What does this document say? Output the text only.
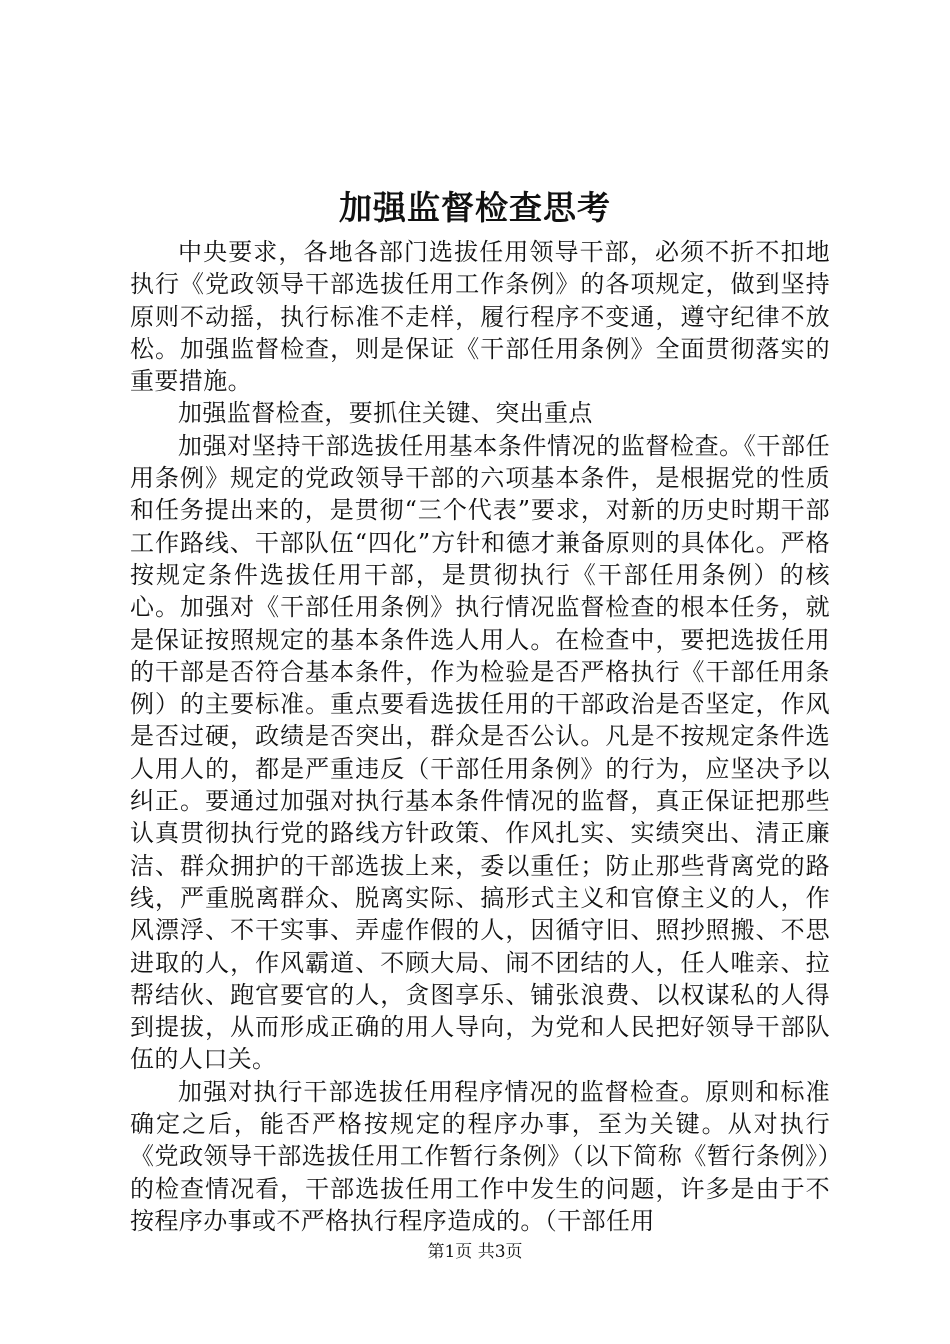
加强监督检查思考

中央要求，各地各部门选拔任用领导干部，必须不折不扣地执行《党政领导干部选拔任用工作条例》的各项规定，做到坚持原则不动摇，执行标准不走样，履行程序不变通，遵守纪律不放松。加强监督检查，则是保证《干部任用条例》全面贯彻落实的重要措施。

加强监督检查，要抓住关键、突出重点

加强对坚持干部选拔任用基本条件情况的监督检查。《干部任用条例》规定的党政领导干部的六项基本条件，是根据党的性质和任务提出来的，是贯彻“三个代表”要求，对新的历史时期干部工作路线、干部队伍“四化”方针和德才兼备原则的具体化。严格按规定条件选拔任用干部，是贯彻执行《干部任用条例）的核心。加强对《干部任用条例》执行情况监督检查的根本任务，就是保证按照规定的基本条件选人用人。在检查中，要把选拔任用的干部是否符合基本条件，作为检验是否严格执行《干部任用条例）的主要标准。重点要看选拔任用的干部政治是否坚定，作风是否过硬，政绩是否突出，群众是否公认。凡是不按规定条件选人用人的，都是严重违反（干部任用条例》的行为，应坚决予以纠正。要通过加强对执行基本条件情况的监督，真正保证把那些认真贯彻执行党的路线方针政策、作风扎实、实绩突出、清正廉洁、群众拥护的干部选拔上来，委以重任；防止那些背离党的路线，严重脱离群众、脱离实际、搞形式主义和官僚主义的人，作风漂浮、不干实事、弄虚作假的人，因循守旧、照抄照搬、不思进取的人，作风霸道、不顾大局、闹不团结的人，任人唯亲、拉帮结伙、跑官要官的人，贪图享乐、铺张浪费、以权谋私的人得到提拔，从而形成正确的用人导向，为党和人民把好领导干部队伍的人口关。

加强对执行干部选拔任用程序情况的监督检查。原则和标准确定之后，能否严格按规定的程序办事，至为关键。从对执行《党政领导干部选拔任用工作暂行条例》（以下简称《暂行条例》）的检查情况看，干部选拔任用工作中发生的问题，许多是由于不按程序办事或不严格执行程序造成的。（干部任用

第1页 共3页
